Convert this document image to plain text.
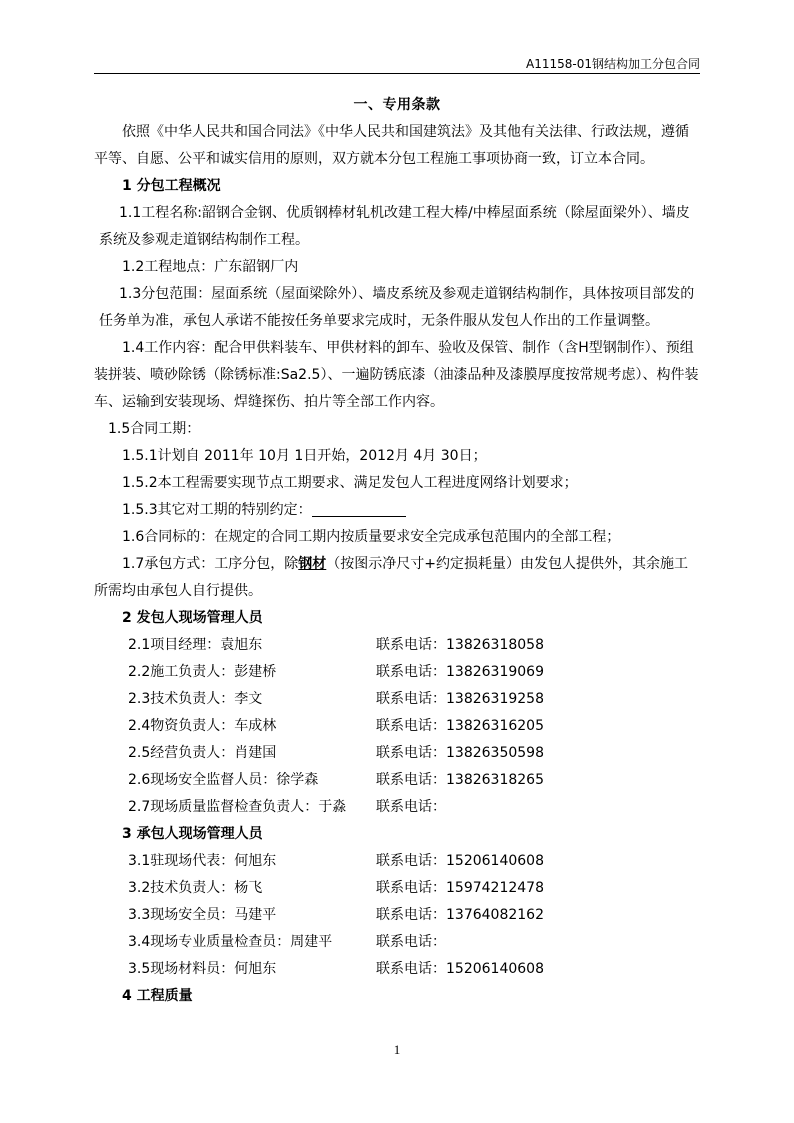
A11158-01钢结构加工分包合同

一、专用条款

依照《中华人民共和国合同法》《中华人民共和国建筑法》及其他有关法律、行政法规，遵循平等、自愿、公平和诚实信用的原则，双方就本分包工程施工事项协商一致，订立本合同。

1 分包工程概况

1.1工程名称:韶钢合金钢、优质钢棒材轧机改建工程大棒/中棒屋面系统（除屋面梁外）、墙皮系统及参观走道钢结构制作工程。

1.2工程地点：广东韶钢厂内

1.3分包范围：屋面系统（屋面梁除外）、墙皮系统及参观走道钢结构制作，具体按项目部发的任务单为准，承包人承诺不能按任务单要求完成时，无条件服从发包人作出的工作量调整。

1.4工作内容：配合甲供料装车、甲供材料的卸车、验收及保管、制作（含H型钢制作）、预组装拼装、喷砂除锈（除锈标准:Sa2.5）、一遍防锈底漆（油漆品种及漆膜厚度按常规考虑）、构件装车、运输到安装现场、焊缝探伤、拍片等全部工作内容。

1.5合同工期：

1.5.1计划自 2011年 10月 1日开始，2012月 4月 30日；

1.5.2本工程需要实现节点工期要求、满足发包人工程进度网络计划要求；

1.5.3其它对工期的特别约定：

1.6合同标的：在规定的合同工期内按质量要求安全完成承包范围内的全部工程；

1.7承包方式：工序分包，除钢材（按图示净尺寸+约定损耗量）由发包人提供外，其余施工所需均由承包人自行提供。

2 发包人现场管理人员

2.1项目经理：袁旭东	联系电话：13826318058
2.2施工负责人：彭建桥	联系电话：13826319069
2.3技术负责人：李文	联系电话：13826319258
2.4物资负责人：车成林	联系电话：13826316205
2.5经营负责人：肖建国	联系电话：13826350598
2.6现场安全监督人员：徐学森	联系电话：13826318265
2.7现场质量监督检查负责人：于淼	联系电话：

3 承包人现场管理人员

3.1驻现场代表：何旭东	联系电话：15206140608
3.2技术负责人：杨飞	联系电话：15974212478
3.3现场安全员：马建平	联系电话：13764082162
3.4现场专业质量检查员：周建平	联系电话：
3.5现场材料员：何旭东	联系电话：15206140608

4 工程质量

1
